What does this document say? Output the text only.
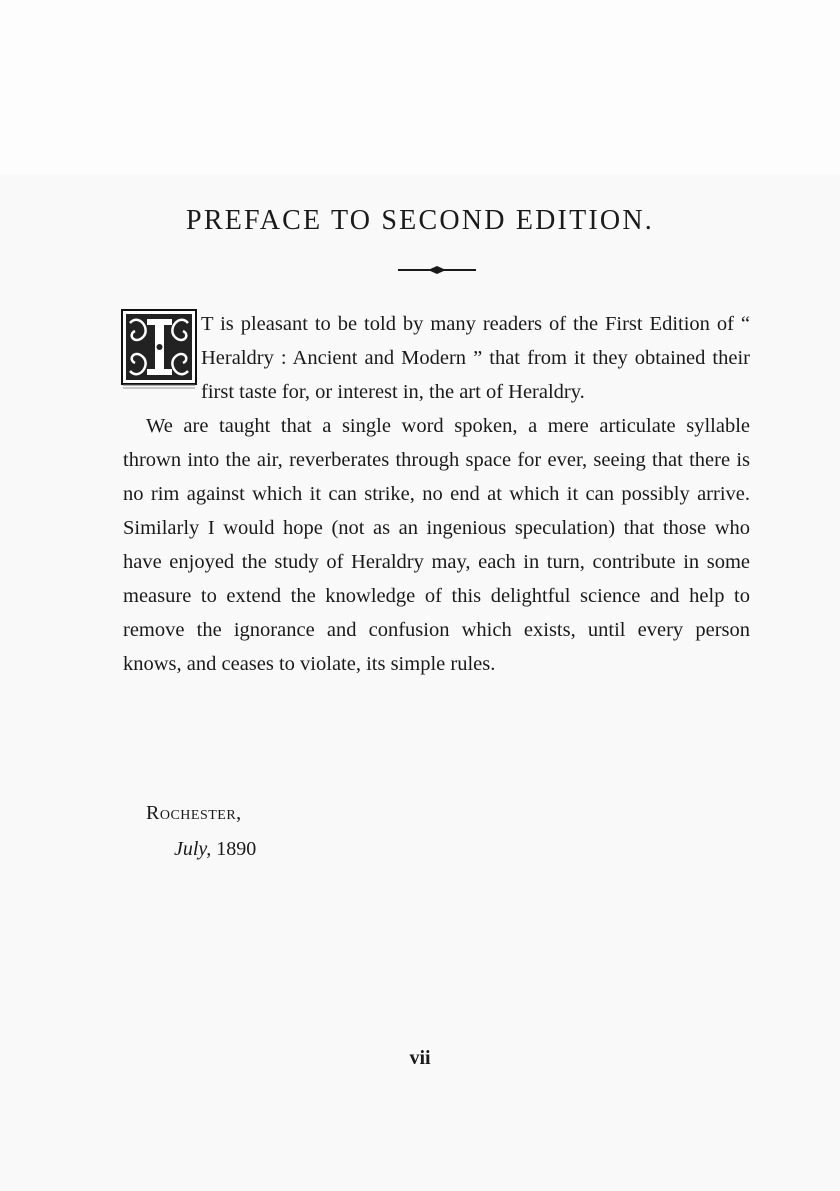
PREFACE TO SECOND EDITION.

T is pleasant to be told by many readers of the First Edition of “ Heraldry : Ancient and Modern ” that from it they obtained their first taste for, or interest in, the art of Heraldry.

We are taught that a single word spoken, a mere articulate syllable thrown into the air, reverberates through space for ever, seeing that there is no rim against which it can strike, no end at which it can possibly arrive. Similarly I would hope (not as an ingenious speculation) that those who have enjoyed the study of Heraldry may, each in turn, contribute in some measure to extend the knowledge of this delightful science and help to remove the ignorance and confusion which exists, until every person knows, and ceases to violate, its simple rules.

Rochester,
July, 1890
vii
